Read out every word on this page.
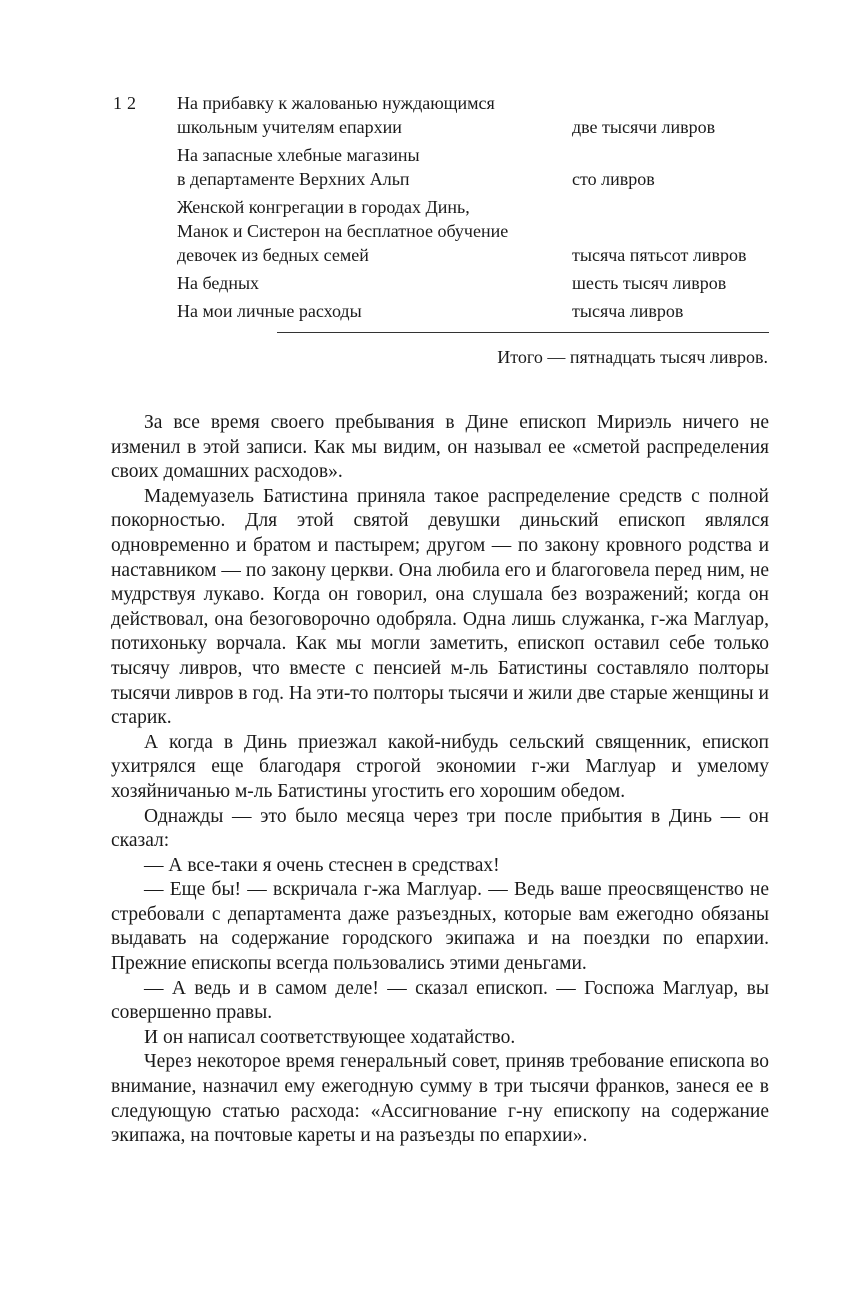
12 На прибавку к жалованью нуждающимся
школьным учителям епархии	две тысячи ливров
На запасные хлебные магазины
в департаменте Верхних Альп	сто ливров
Женской конгрегации в городах Динь,
Манок и Систерон на бесплатное обучение
девочек из бедных семей	тысяча пятьсот ливров
На бедных	шесть тысяч ливров
На мои личные расходы	тысяча ливров
Итого — пятнадцать тысяч ливров.

За все время своего пребывания в Дине епископ Мириэль ничего не изменил в этой записи. Как мы видим, он называл ее «сметой распределения своих домашних расходов».

Мадемуазель Батистина приняла такое распределение средств с полной покорностью. Для этой святой девушки диньский епископ являлся одновременно и братом и пастырем; другом — по закону кровного родства и наставником — по закону церкви. Она любила его и благоговела перед ним, не мудрствуя лукаво. Когда он говорил, она слушала без возражений; когда он действовал, она безоговорочно одобряла. Одна лишь служанка, г-жа Маглуар, потихоньку ворчала. Как мы могли заметить, епископ оставил себе только тысячу ливров, что вместе с пенсией м-ль Батистины составляло полторы тысячи ливров в год. На эти-то полторы тысячи и жили две старые женщины и старик.

А когда в Динь приезжал какой-нибудь сельский священник, епископ ухитрялся еще благодаря строгой экономии г-жи Маглуар и умелому хозяйничанью м-ль Батистины угостить его хорошим обедом.

Однажды — это было месяца через три после прибытия в Динь — он сказал:

— А все-таки я очень стеснен в средствах!

— Еще бы! — вскричала г-жа Маглуар. — Ведь ваше преосвященство не стребовали с департамента даже разъездных, которые вам ежегодно обязаны выдавать на содержание городского экипажа и на поездки по епархии. Прежние епископы всегда пользовались этими деньгами.

— А ведь и в самом деле! — сказал епископ. — Госпожа Маглуар, вы совершенно правы.

И он написал соответствующее ходатайство.

Через некоторое время генеральный совет, приняв требование епископа во внимание, назначил ему ежегодную сумму в три тысячи франков, занеся ее в следующую статью расхода: «Ассигнование г-ну епископу на содержание экипажа, на почтовые кареты и на разъезды по епархии».
